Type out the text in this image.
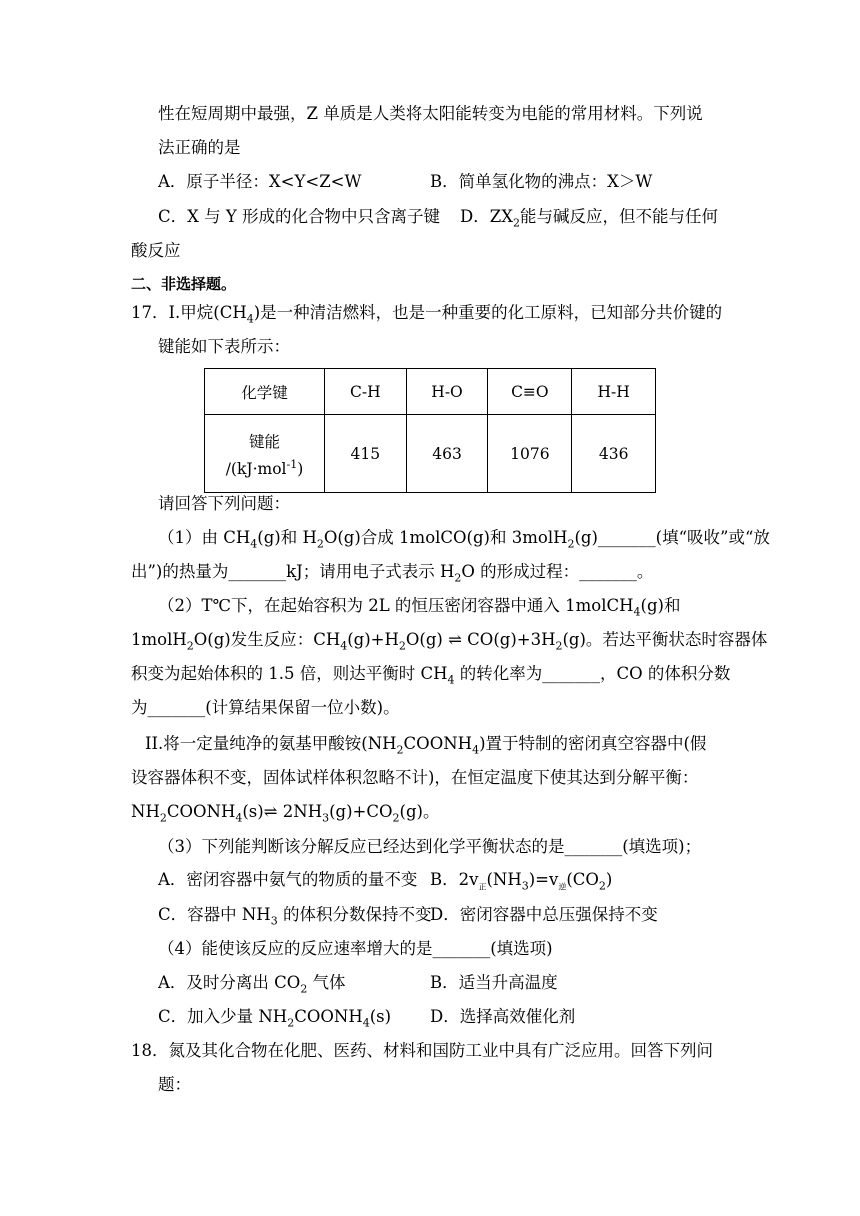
性在短周期中最强，Z 单质是人类将太阳能转变为电能的常用材料。下列说
法正确的是
A．原子半径：X<Y<Z<W	B．简单氢化物的沸点：X＞W
C．X 与 Y 形成的化合物中只含离子键 D．$ZX_2$能与碱反应，但不能与任何
酸反应
二、非选择题。
17．I.甲烷$(CH_4)$是一种清洁燃料，也是一种重要的化工原料，已知部分共价键的
键能如下表所示：
化学键	C-H	H-O	C≡O	H-H

键能
/(kJ·mol$^{-1}$)	415	463	1076	436
请回答下列问题：
（1）由 $CH_4(g)$和 $H_2O(g)$合成 1molCO(g)和 3molH$_2$(g)_______(填“吸收”或“放
出”)的热量为_______kJ；请用电子式表示 $H_2O$ 的形成过程：_______。
（2）T℃下，在起始容积为 2L 的恒压密闭容器中通入 1molCH$_4$(g)和
1molH$_2$O(g)发生反应：$CH_4(g)+H_2O(g)$ ⇌ $CO(g)+3H_2(g)$。若达平衡状态时容器体
积变为起始体积的 1.5 倍，则达平衡时 $CH_4$ 的转化率为_______，CO 的体积分数
为_______(计算结果保留一位小数)。
II.将一定量纯净的氨基甲酸铵$(NH_2COONH_4)$置于特制的密闭真空容器中(假
设容器体积不变，固体试样体积忽略不计)，在恒定温度下使其达到分解平衡：
$NH_2COONH_4(s)\rightleftharpoons$ $2NH_3(g)+CO_2(g)$。
（3）下列能判断该分解反应已经达到化学平衡状态的是_______(填选项)；
A．密闭容器中氨气的物质的量不变 B．$2v_正(NH_3)=v_逆(CO_2)$
C．容器中 $NH_3$ 的体积分数保持不变
D．密闭容器中总压强保持不变
（4）能使该反应的反应速率增大的是_______(填选项)
A．及时分离出 $CO_2$ 气体	B．适当升高温度
C．加入少量 $NH_2COONH_4(s)$ D．选择高效催化剂
18．氮及其化合物在化肥、医药、材料和国防工业中具有广泛应用。回答下列问
题：
